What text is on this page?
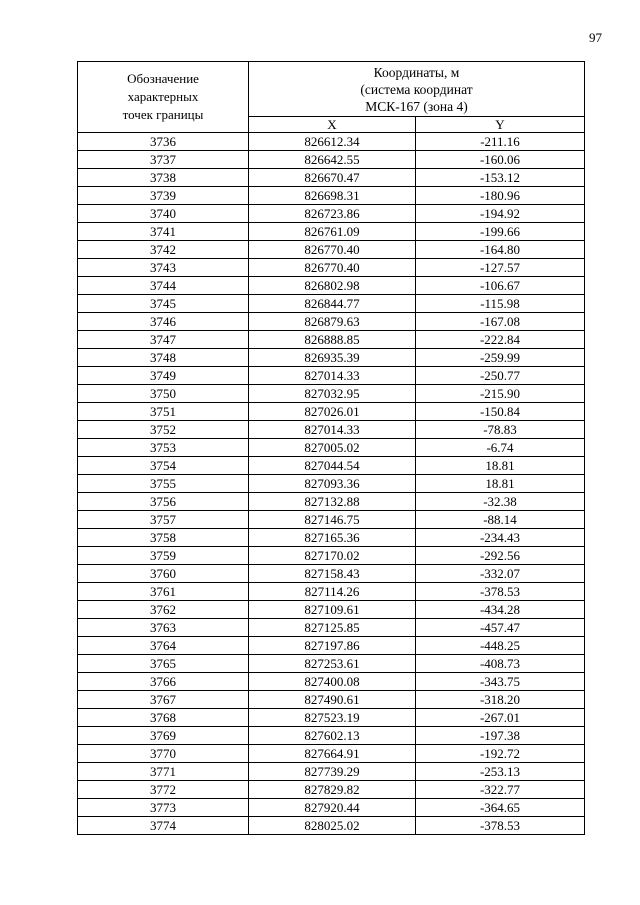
97
Обозначение
характерных
точек границы	Координаты, м
(система координат
МСК-167 (зона 4)	

	X	Y
3736	826612.34	-211.16
3737	826642.55	-160.06
3738	826670.47	-153.12
3739	826698.31	-180.96
3740	826723.86	-194.92
3741	826761.09	-199.66
3742	826770.40	-164.80
3743	826770.40	-127.57
3744	826802.98	-106.67
3745	826844.77	-115.98
3746	826879.63	-167.08
3747	826888.85	-222.84
3748	826935.39	-259.99
3749	827014.33	-250.77
3750	827032.95	-215.90
3751	827026.01	-150.84
3752	827014.33	-78.83
3753	827005.02	-6.74
3754	827044.54	18.81
3755	827093.36	18.81
3756	827132.88	-32.38
3757	827146.75	-88.14
3758	827165.36	-234.43
3759	827170.02	-292.56
3760	827158.43	-332.07
3761	827114.26	-378.53
3762	827109.61	-434.28
3763	827125.85	-457.47
3764	827197.86	-448.25
3765	827253.61	-408.73
3766	827400.08	-343.75
3767	827490.61	-318.20
3768	827523.19	-267.01
3769	827602.13	-197.38
3770	827664.91	-192.72
3771	827739.29	-253.13
3772	827829.82	-322.77
3773	827920.44	-364.65
3774	828025.02	-378.53
